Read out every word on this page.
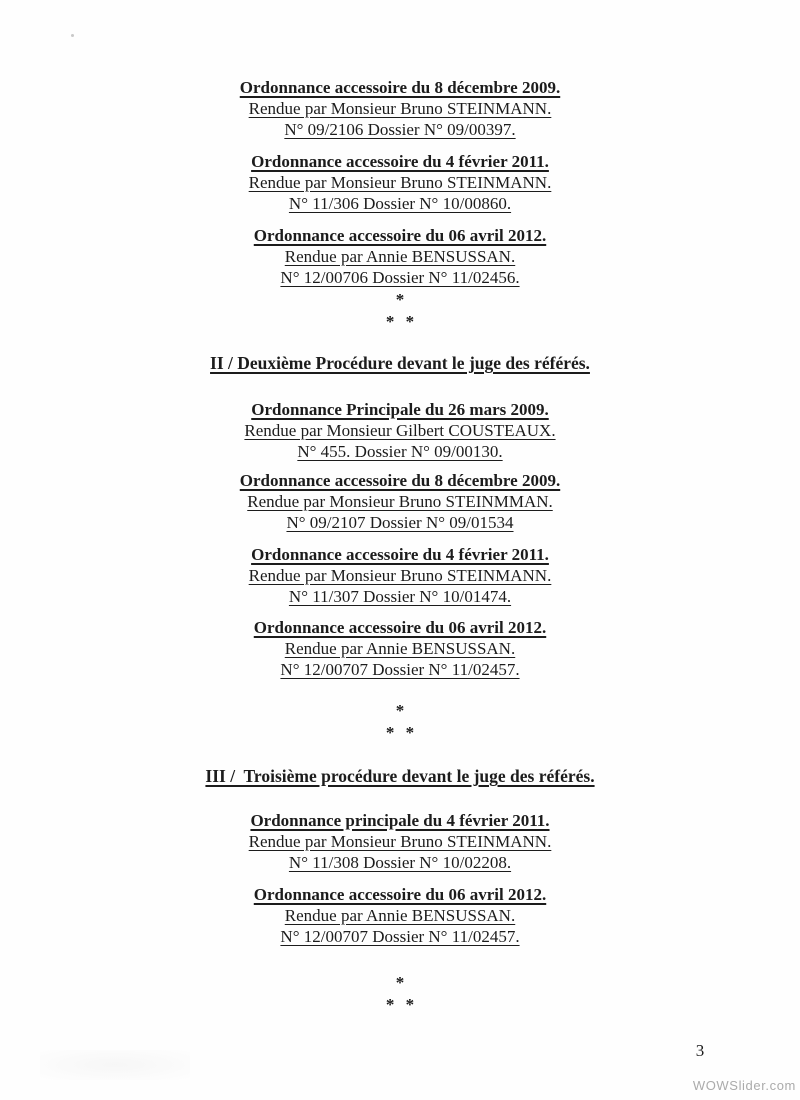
Ordonnance accessoire du 8 décembre 2009.
Rendue par Monsieur Bruno STEINMANN.
N° 09/2106 Dossier N° 09/00397.
Ordonnance accessoire du 4 février 2011.
Rendue par Monsieur Bruno STEINMANN.
N° 11/306 Dossier N° 10/00860.
Ordonnance accessoire du 06 avril 2012.
Rendue par Annie BENSUSSAN.
N° 12/00706 Dossier N° 11/02456.
*
* *
II / Deuxième Procédure devant le juge des référés.
Ordonnance Principale du 26 mars 2009.
Rendue par Monsieur Gilbert COUSTEAUX.
N° 455. Dossier N° 09/00130.
Ordonnance accessoire du 8 décembre 2009.
Rendue par Monsieur Bruno STEINMMAN.
N° 09/2107 Dossier N° 09/01534
Ordonnance accessoire du 4 février 2011.
Rendue par Monsieur Bruno STEINMANN.
N° 11/307 Dossier N° 10/01474.
Ordonnance accessoire du 06 avril 2012.
Rendue par Annie BENSUSSAN.
N° 12/00707 Dossier N° 11/02457.
*
* *
III /  Troisième procédure devant le juge des référés.
Ordonnance principale du 4 février 2011.
Rendue par Monsieur Bruno STEINMANN.
N° 11/308 Dossier N° 10/02208.
Ordonnance accessoire du 06 avril 2012.
Rendue par Annie BENSUSSAN.
N° 12/00707 Dossier N° 11/02457.
*
* *
3
WOWSlider.com
